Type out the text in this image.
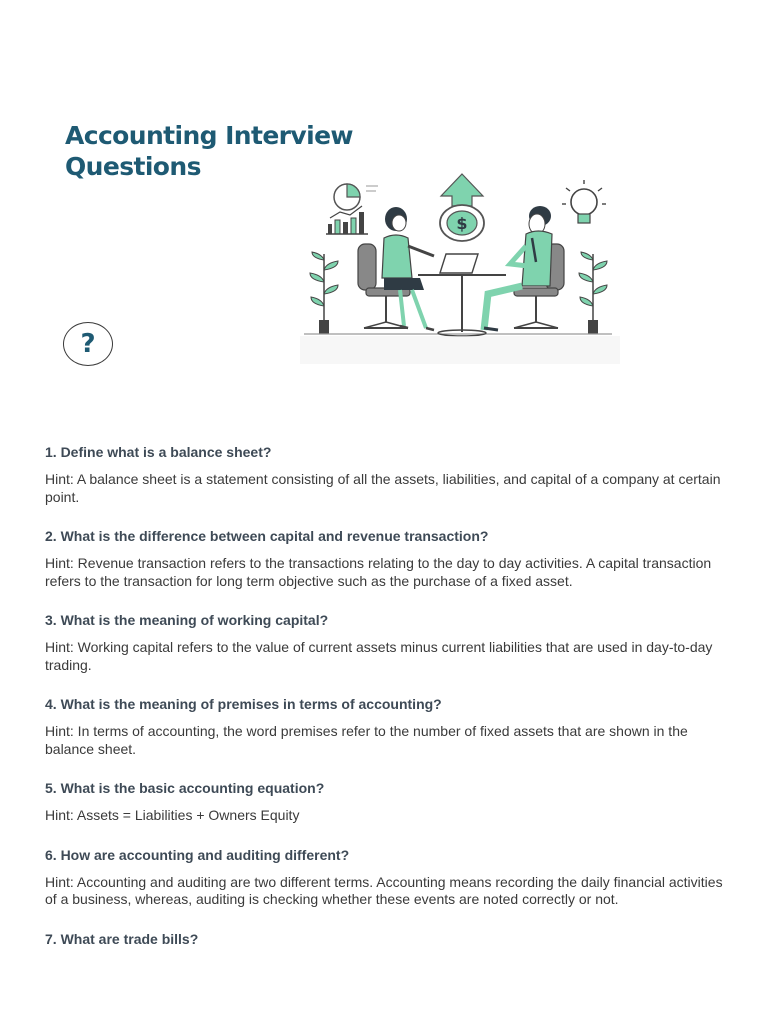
Accounting Interview
Questions
$
?

1. Define what is a balance sheet?

Hint: A balance sheet is a statement consisting of all the assets, liabilities, and capital of a company at certain point.

2. What is the difference between capital and revenue transaction?

Hint: Revenue transaction refers to the transactions relating to the day to day activities. A capital transaction refers to the transaction for long term objective such as the purchase of a fixed asset.

3. What is the meaning of working capital?

Hint: Working capital refers to the value of current assets minus current liabilities that are used in day-to-day trading.

4. What is the meaning of premises in terms of accounting?

Hint: In terms of accounting, the word premises refer to the number of fixed assets that are shown in the balance sheet.

5. What is the basic accounting equation?

Hint: Assets = Liabilities + Owners Equity

6. How are accounting and auditing different?

Hint: Accounting and auditing are two different terms. Accounting means recording the daily financial activities of a business, whereas, auditing is checking whether these events are noted correctly or not.

7. What are trade bills?
